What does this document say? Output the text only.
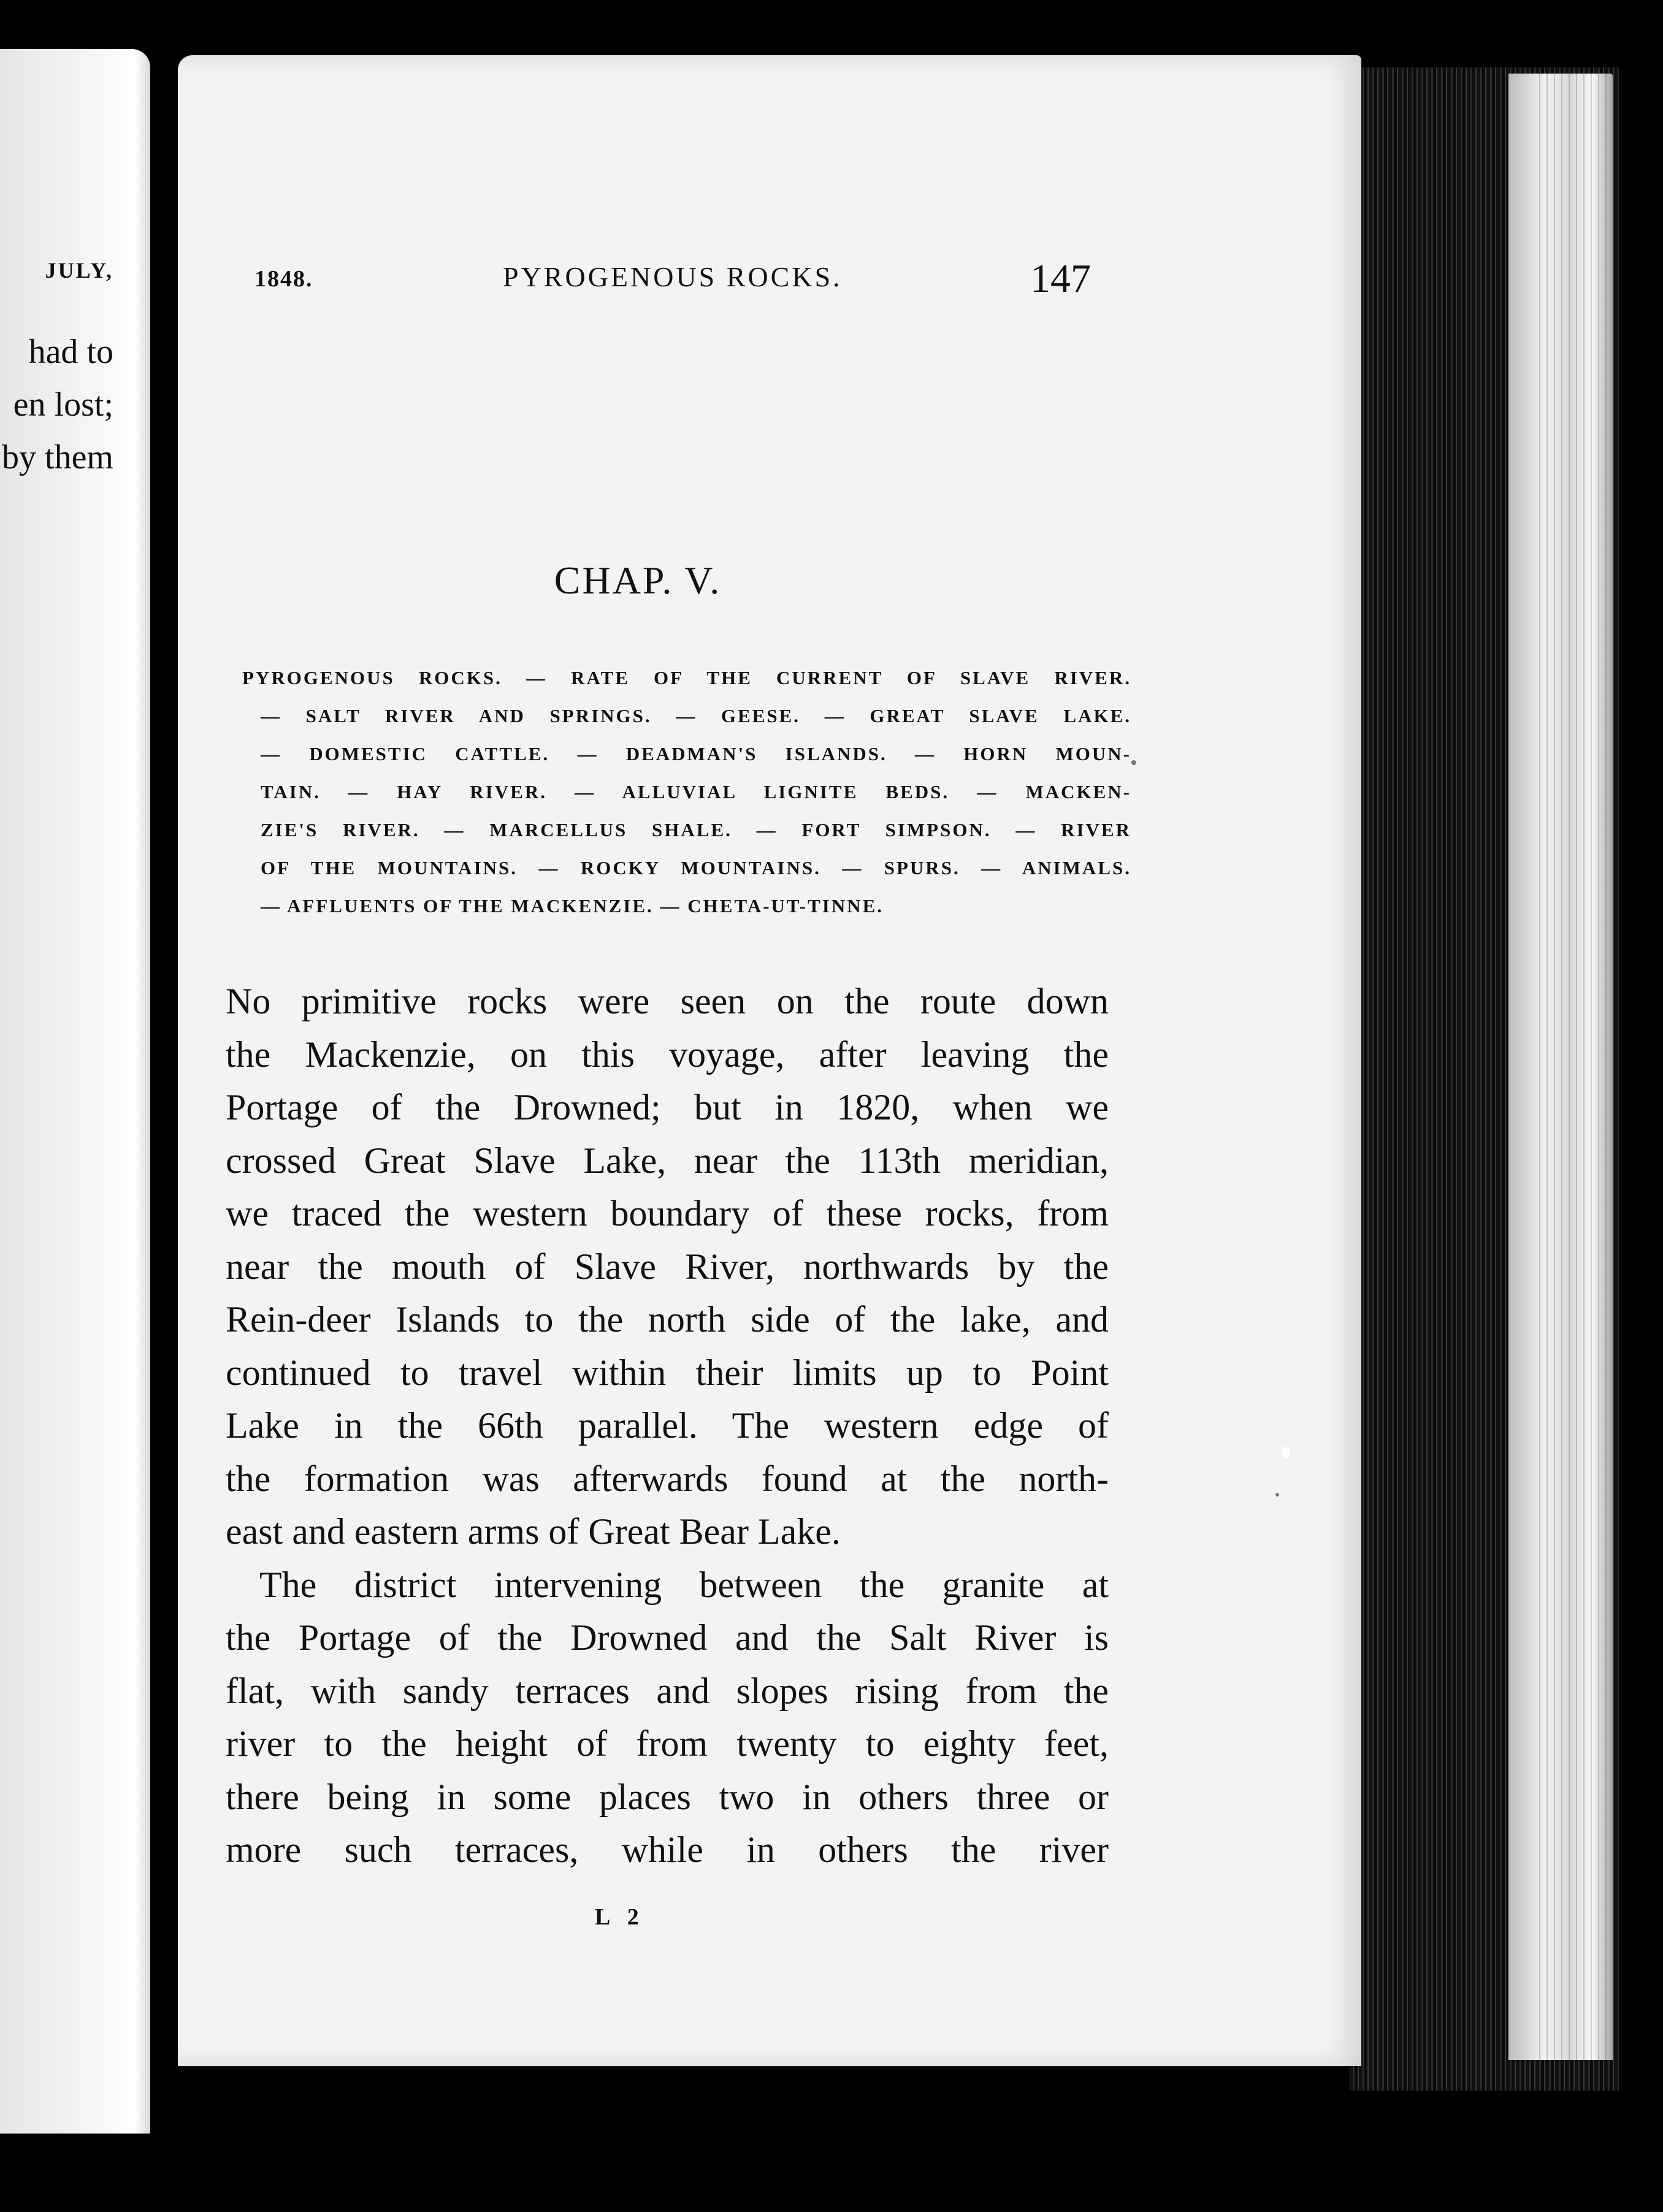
JULY,
had to
en lost;
by them
1848.	PYROGENOUS ROCKS.	147
CHAP. V.
PYROGENOUS ROCKS. — RATE OF THE CURRENT OF SLAVE RIVER.
— SALT RIVER AND SPRINGS. — GEESE. — GREAT SLAVE LAKE.
— DOMESTIC CATTLE. — DEADMAN'S ISLANDS. — HORN MOUN-
TAIN. — HAY RIVER. — ALLUVIAL LIGNITE BEDS. — MACKEN-
ZIE'S RIVER. — MARCELLUS SHALE. — FORT SIMPSON. — RIVER
OF THE MOUNTAINS. — ROCKY MOUNTAINS. — SPURS. — ANIMALS.
— AFFLUENTS OF THE MACKENZIE. — CHETA-UT-TINNE.
No primitive rocks were seen on the route down
the Mackenzie, on this voyage, after leaving the
Portage of the Drowned; but in 1820, when we
crossed Great Slave Lake, near the 113th meridian,
we traced the western boundary of these rocks, from
near the mouth of Slave River, northwards by the
Rein-deer Islands to the north side of the lake, and
continued to travel within their limits up to Point
Lake in the 66th parallel. The western edge of
the formation was afterwards found at the north-
east and eastern arms of Great Bear Lake.
The district intervening between the granite at
the Portage of the Drowned and the Salt River is
flat, with sandy terraces and slopes rising from the
river to the height of from twenty to eighty feet,
there being in some places two in others three or
more such terraces, while in others the river
L 2
